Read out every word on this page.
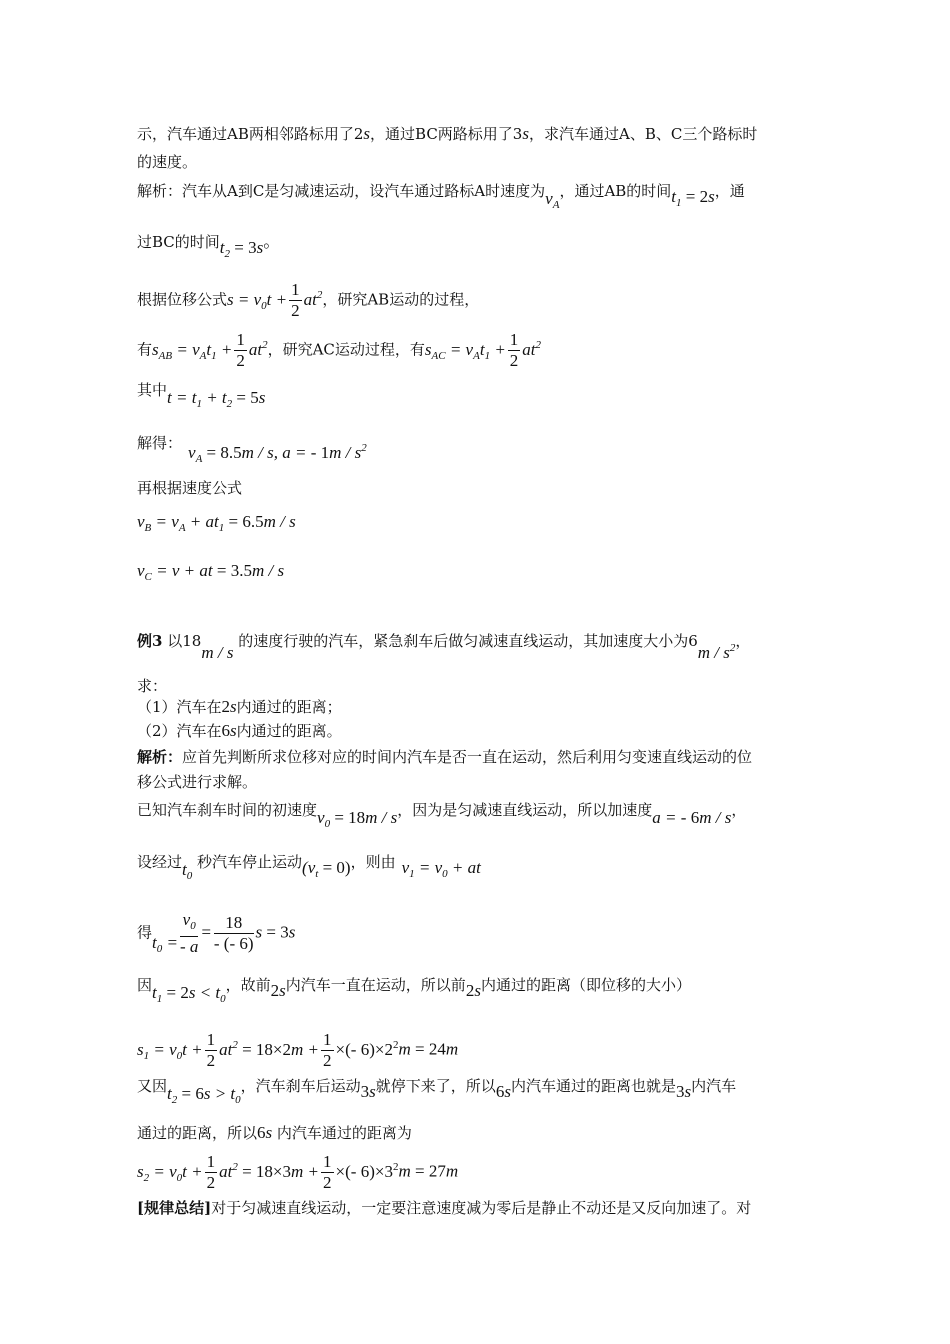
示，汽车通过AB两相邻路标用了2s，通过BC两路标用了3s，求汽车通过A、B、C三个路标时
的速度。
解析：汽车从A到C是匀减速运动，设汽车通过路标A时速度为$v_A$，通过AB的时间$t_1 = 2s$，通
过BC的时间$t_2 = 3s$。
根据位移公式$s = v_0t + \frac{1}{2} at^2$，研究AB运动的过程，
有$s_{AB} = v_At_1 + \frac{1}{2} at^2$，研究AC运动过程，有$s_{AC} = v_At_1 + \frac{1}{2} at^2$
其中$t = t_1 + t_2 = 5s$
解得： $v_A = 8.5m / s$, a = - $1m / s^2$
再根据速度公式
$v_B = v_A + at_1 = 6.5m / s$
$v_C = v$ + at = 3.5m / s
例3 以18m / s 的速度行驶的汽车，紧急刹车后做匀减速直线运动，其加速度大小为$6m / s^2$，
求：
（1）汽车在2s内通过的距离；
（2）汽车在6s内通过的距离。
解析：应首先判断所求位移对应的时间内汽车是否一直在运动，然后利用匀变速直线运动的位
移公式进行求解。
已知汽车刹车时间的初速度$v_0 = 18m / s$，因为是匀减速直线运动，所以加速度a = - 6m / s，
设经过$t_0$ 秒汽车停止运动$(v_t = 0)$，则由 $v_1 = v_0$ + at
得$t_0 = \frac{v_0}{- a} = \frac{18}{- (- 6)}$ s = 3s
因$t_1 = 2s < t_0$，故前2s内汽车一直在运动，所以前2s内通过的距离（即位移的大小）
$s_1 = v_0t + \frac{1}{2} at^2 = 18\times 2m + \frac{1}{2}$ ×(- $6)\times 2^2m = 24m$
又因$t_2 = 6s > t_0$，汽车刹车后运动3s就停下来了，所以6s内汽车通过的距离也就是3s内汽车
通过的距离，所以6s 内汽车通过的距离为
$s_2 = v_0t + \frac{1}{2} at^2 = 18\times 3m + \frac{1}{2}$ ×(- $6)\times 3^2m = 27m$
[规律总结]对于匀减速直线运动，一定要注意速度减为零后是静止不动还是又反向加速了。对
